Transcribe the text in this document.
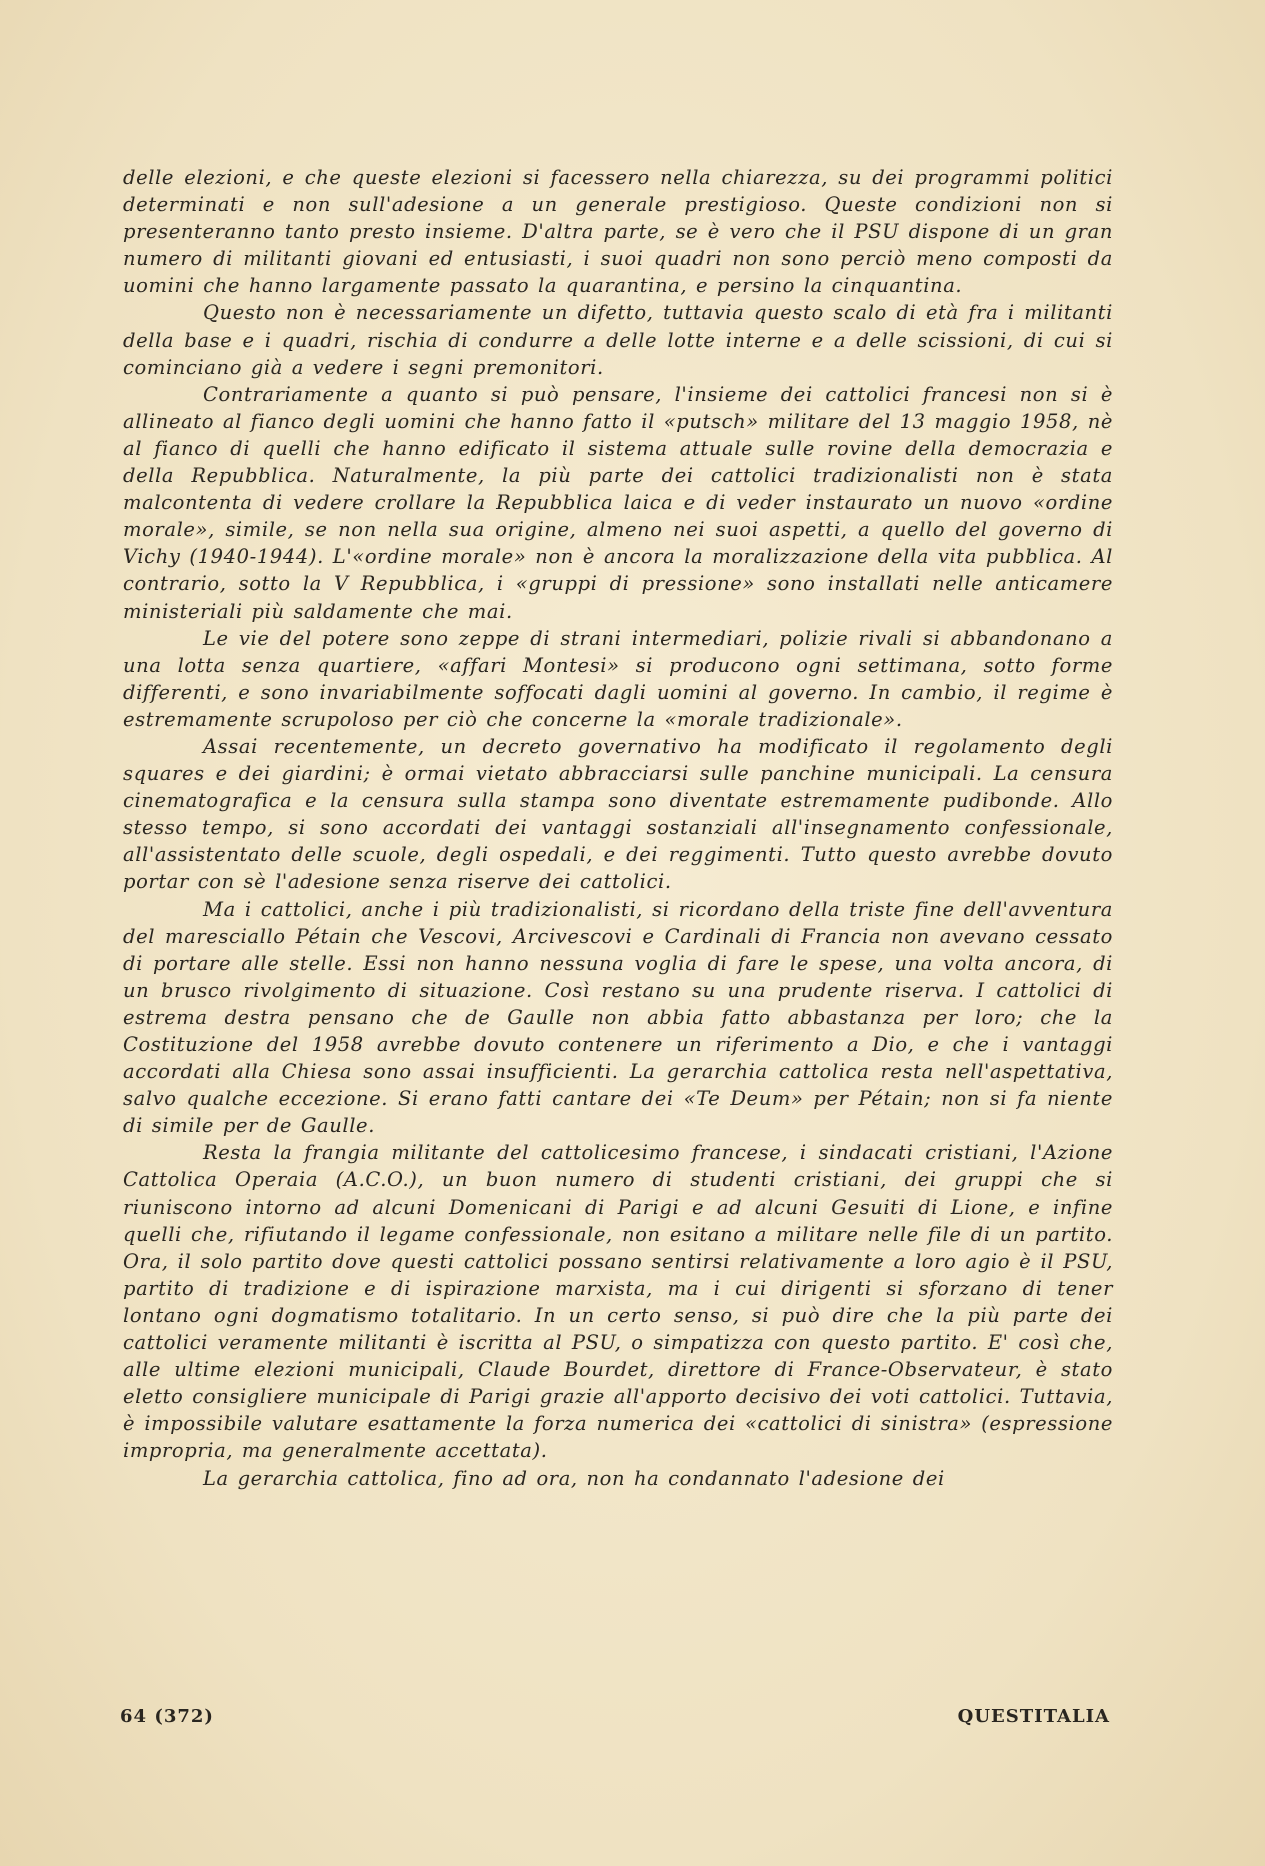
delle elezioni, e che queste elezioni si facessero nella chiarezza, su dei programmi politici determinati e non sull'adesione a un generale prestigioso. Queste condizioni non si presenteranno tanto presto insieme. D'altra parte, se è vero che il PSU dispone di un gran numero di militanti giovani ed entusiasti, i suoi quadri non sono perciò meno composti da uomini che hanno largamente passato la quarantina, e persino la cinquantina.

Questo non è necessariamente un difetto, tuttavia questo scalo di età fra i militanti della base e i quadri, rischia di condurre a delle lotte interne e a delle scissioni, di cui si cominciano già a vedere i segni premonitori.

Contrariamente a quanto si può pensare, l'insieme dei cattolici francesi non si è allineato al fianco degli uomini che hanno fatto il «putsch» militare del 13 maggio 1958, nè al fianco di quelli che hanno edificato il sistema attuale sulle rovine della democrazia e della Repubblica. Naturalmente, la più parte dei cattolici tradizionalisti non è stata malcontenta di vedere crollare la Repubblica laica e di veder instaurato un nuovo «ordine morale», simile, se non nella sua origine, almeno nei suoi aspetti, a quello del governo di Vichy (1940-1944). L'«ordine morale» non è ancora la moralizzazione della vita pubblica. Al contrario, sotto la V Repubblica, i «gruppi di pressione» sono installati nelle anticamere ministeriali più saldamente che mai.

Le vie del potere sono zeppe di strani intermediari, polizie rivali si abbandonano a una lotta senza quartiere, «affari Montesi» si producono ogni settimana, sotto forme differenti, e sono invariabilmente soffocati dagli uomini al governo. In cambio, il regime è estremamente scrupoloso per ciò che concerne la «morale tradizionale».

Assai recentemente, un decreto governativo ha modificato il regolamento degli squares e dei giardini; è ormai vietato abbracciarsi sulle panchine municipali. La censura cinematografica e la censura sulla stampa sono diventate estremamente pudibonde. Allo stesso tempo, si sono accordati dei vantaggi sostanziali all'insegnamento confessionale, all'assistentato delle scuole, degli ospedali, e dei reggimenti. Tutto questo avrebbe dovuto portar con sè l'adesione senza riserve dei cattolici.

Ma i cattolici, anche i più tradizionalisti, si ricordano della triste fine dell'avventura del maresciallo Pétain che Vescovi, Arcivescovi e Cardinali di Francia non avevano cessato di portare alle stelle. Essi non hanno nessuna voglia di fare le spese, una volta ancora, di un brusco rivolgimento di situazione. Così restano su una prudente riserva. I cattolici di estrema destra pensano che de Gaulle non abbia fatto abbastanza per loro; che la Costituzione del 1958 avrebbe dovuto contenere un riferimento a Dio, e che i vantaggi accordati alla Chiesa sono assai insufficienti. La gerarchia cattolica resta nell'aspettativa, salvo qualche eccezione. Si erano fatti cantare dei «Te Deum» per Pétain; non si fa niente di simile per de Gaulle.

Resta la frangia militante del cattolicesimo francese, i sindacati cristiani, l'Azione Cattolica Operaia (A.C.O.), un buon numero di studenti cristiani, dei gruppi che si riuniscono intorno ad alcuni Domenicani di Parigi e ad alcuni Gesuiti di Lione, e infine quelli che, rifiutando il legame confessionale, non esitano a militare nelle file di un partito. Ora, il solo partito dove questi cattolici possano sentirsi relativamente a loro agio è il PSU, partito di tradizione e di ispirazione marxista, ma i cui dirigenti si sforzano di tener lontano ogni dogmatismo totalitario. In un certo senso, si può dire che la più parte dei cattolici veramente militanti è iscritta al PSU, o simpatizza con questo partito. E' così che, alle ultime elezioni municipali, Claude Bourdet, direttore di France-Observateur, è stato eletto consigliere municipale di Parigi grazie all'apporto decisivo dei voti cattolici. Tuttavia, è impossibile valutare esattamente la forza numerica dei «cattolici di sinistra» (espressione impropria, ma generalmente accettata).

La gerarchia cattolica, fino ad ora, non ha condannato l'adesione dei

64 (372)	QUESTITALIA
